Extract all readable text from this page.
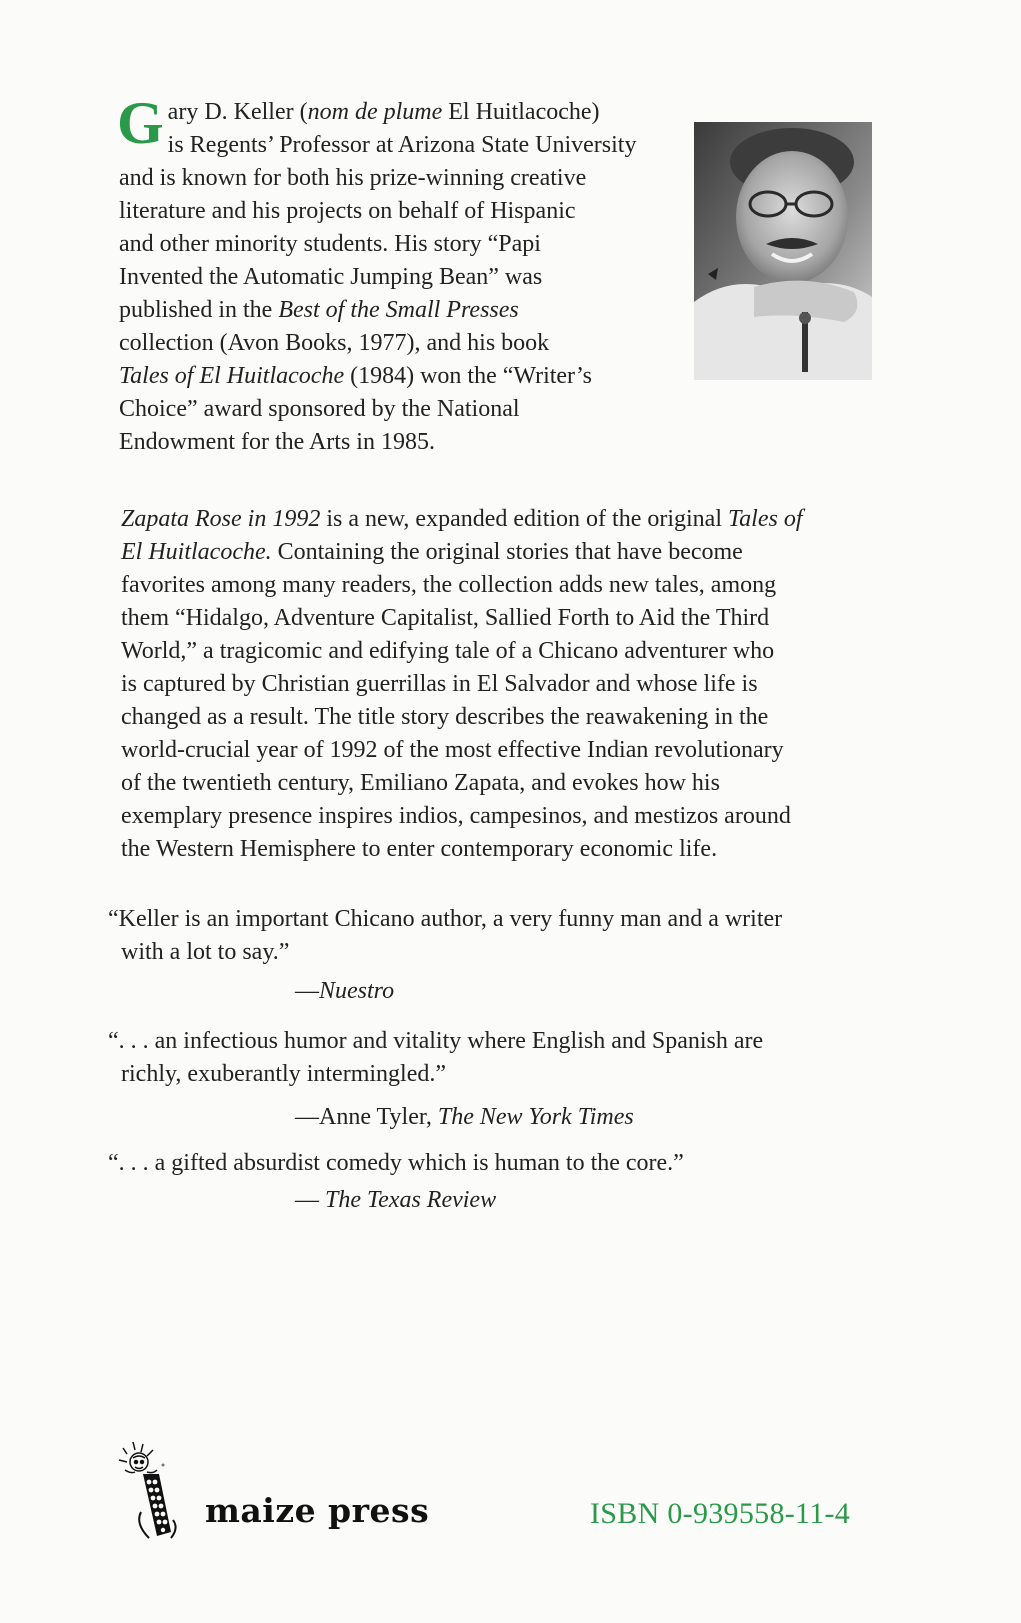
G ary D. Keller (nom de plume El Huitlacoche)
is Regents’ Professor at Arizona State University
and is known for both his prize-winning creative
literature and his projects on behalf of Hispanic
and other minority students. His story “Papi
Invented the Automatic Jumping Bean” was
published in the Best of the Small Presses
collection (Avon Books, 1977), and his book
Tales of El Huitlacoche (1984) won the “Writer’s
Choice” award sponsored by the National
Endowment for the Arts in 1985.
Zapata Rose in 1992 is a new, expanded edition of the original Tales of
El Huitlacoche. Containing the original stories that have become
favorites among many readers, the collection adds new tales, among
them “Hidalgo, Adventure Capitalist, Sallied Forth to Aid the Third
World,” a tragicomic and edifying tale of a Chicano adventurer who
is captured by Christian guerrillas in El Salvador and whose life is
changed as a result. The title story describes the reawakening in the
world-crucial year of 1992 of the most effective Indian revolutionary
of the twentieth century, Emiliano Zapata, and evokes how his
exemplary presence inspires indios, campesinos, and mestizos around
the Western Hemisphere to enter contemporary economic life.
“Keller is an important Chicano author, a very funny man and a writer
with a lot to say.”
—Nuestro
“. . . an infectious humor and vitality where English and Spanish are
richly, exuberantly intermingled.”
—Anne Tyler, The New York Times
“. . . a gifted absurdist comedy which is human to the core.”
— The Texas Review
maize press	ISBN 0-939558-11-4
